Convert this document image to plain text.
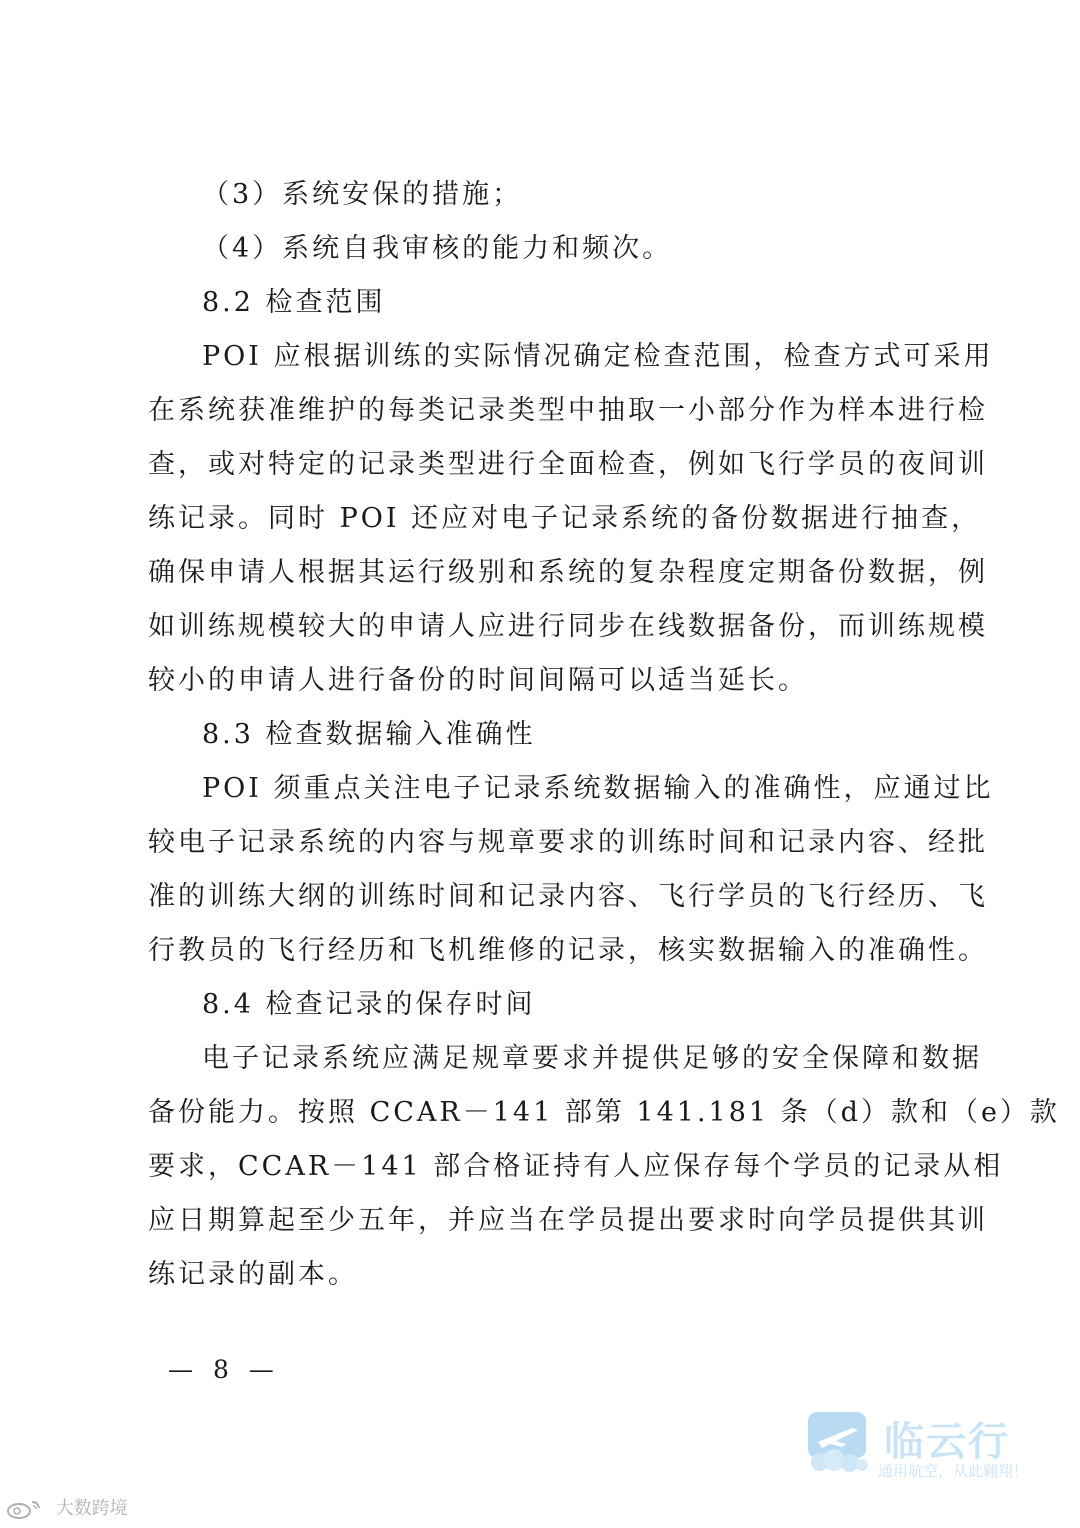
（3）系统安保的措施；
（4）系统自我审核的能力和频次。
8.2 检查范围
POI 应根据训练的实际情况确定检查范围，检查方式可采用
在系统获准维护的每类记录类型中抽取一小部分作为样本进行检
查，或对特定的记录类型进行全面检查，例如飞行学员的夜间训
练记录。同时 POI 还应对电子记录系统的备份数据进行抽查，
确保申请人根据其运行级别和系统的复杂程度定期备份数据，例
如训练规模较大的申请人应进行同步在线数据备份，而训练规模
较小的申请人进行备份的时间间隔可以适当延长。
8.3 检查数据输入准确性
POI 须重点关注电子记录系统数据输入的准确性，应通过比
较电子记录系统的内容与规章要求的训练时间和记录内容、经批
准的训练大纲的训练时间和记录内容、飞行学员的飞行经历、飞
行教员的飞行经历和飞机维修的记录，核实数据输入的准确性。
8.4 检查记录的保存时间
电子记录系统应满足规章要求并提供足够的安全保障和数据
备份能力。按照 CCAR－141 部第 141.181 条（d）款和（e）款
要求，CCAR－141 部合格证持有人应保存每个学员的记录从相
应日期算起至少五年，并应当在学员提出要求时向学员提供其训
练记录的副本。
— 8 —
临云行
通用航空，从此翱翔！
大数跨境
